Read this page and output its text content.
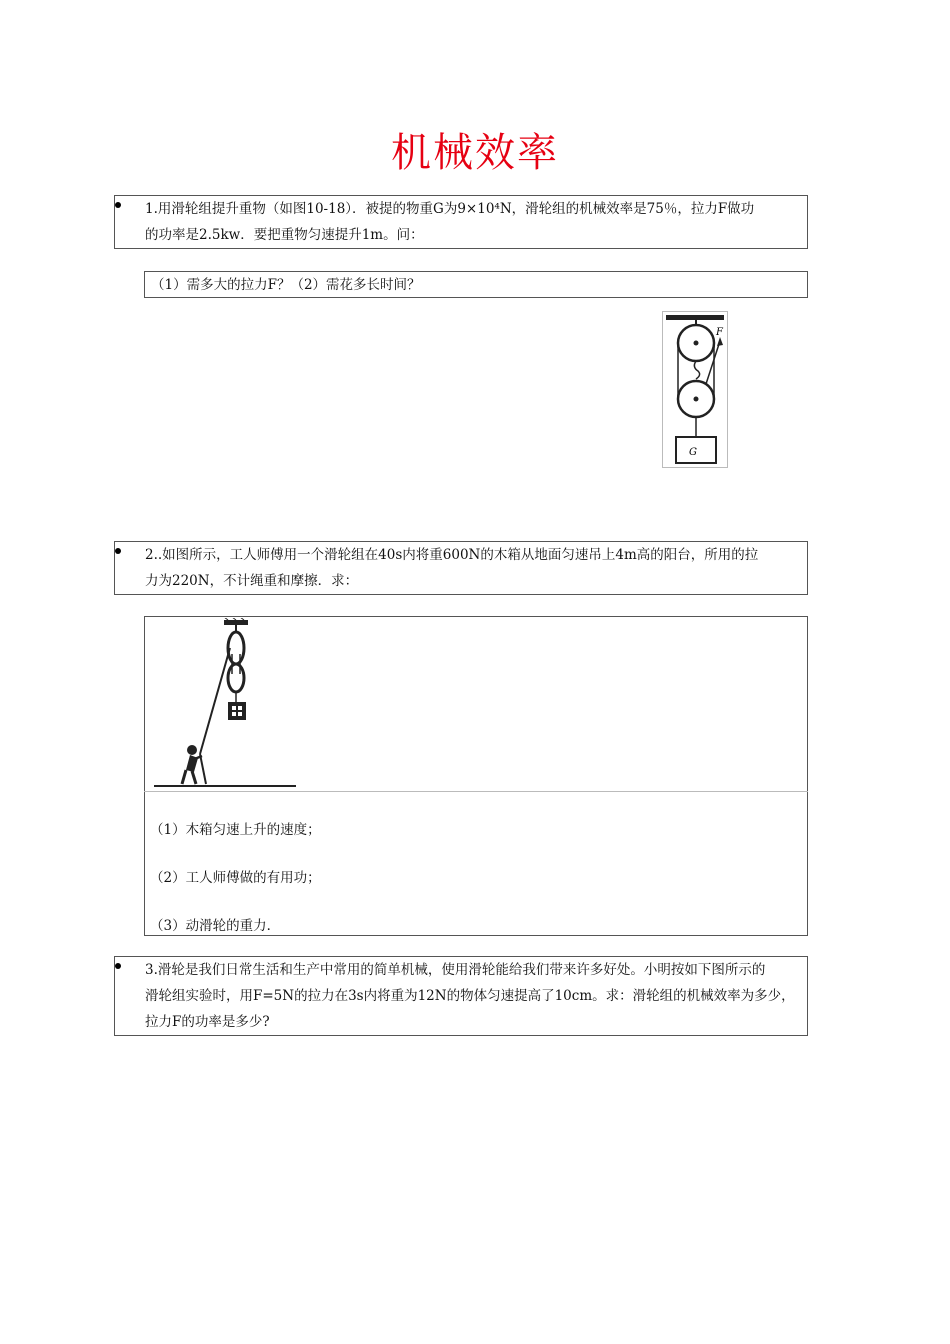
机械效率
1.用滑轮组提升重物（如图10-18）．被提的物重G为9×10⁴N，滑轮组的机械效率是75％，拉力F做功
的功率是2.5kw．要把重物匀速提升1m。问：
（1）需多大的拉力F？（2）需花多长时间？
F
G
2..如图所示，工人师傅用一个滑轮组在40s内将重600N的木箱从地面匀速吊上4m高的阳台，所用的拉
力为220N，不计绳重和摩擦．求：
（1）木箱匀速上升的速度；
（2）工人师傅做的有用功；
（3）动滑轮的重力．
3.滑轮是我们日常生活和生产中常用的简单机械，使用滑轮能给我们带来许多好处。小明按如下图所示的
滑轮组实验时，用F=5N的拉力在3s内将重为12N的物体匀速提高了10cm。求：滑轮组的机械效率为多少，
拉力F的功率是多少?
